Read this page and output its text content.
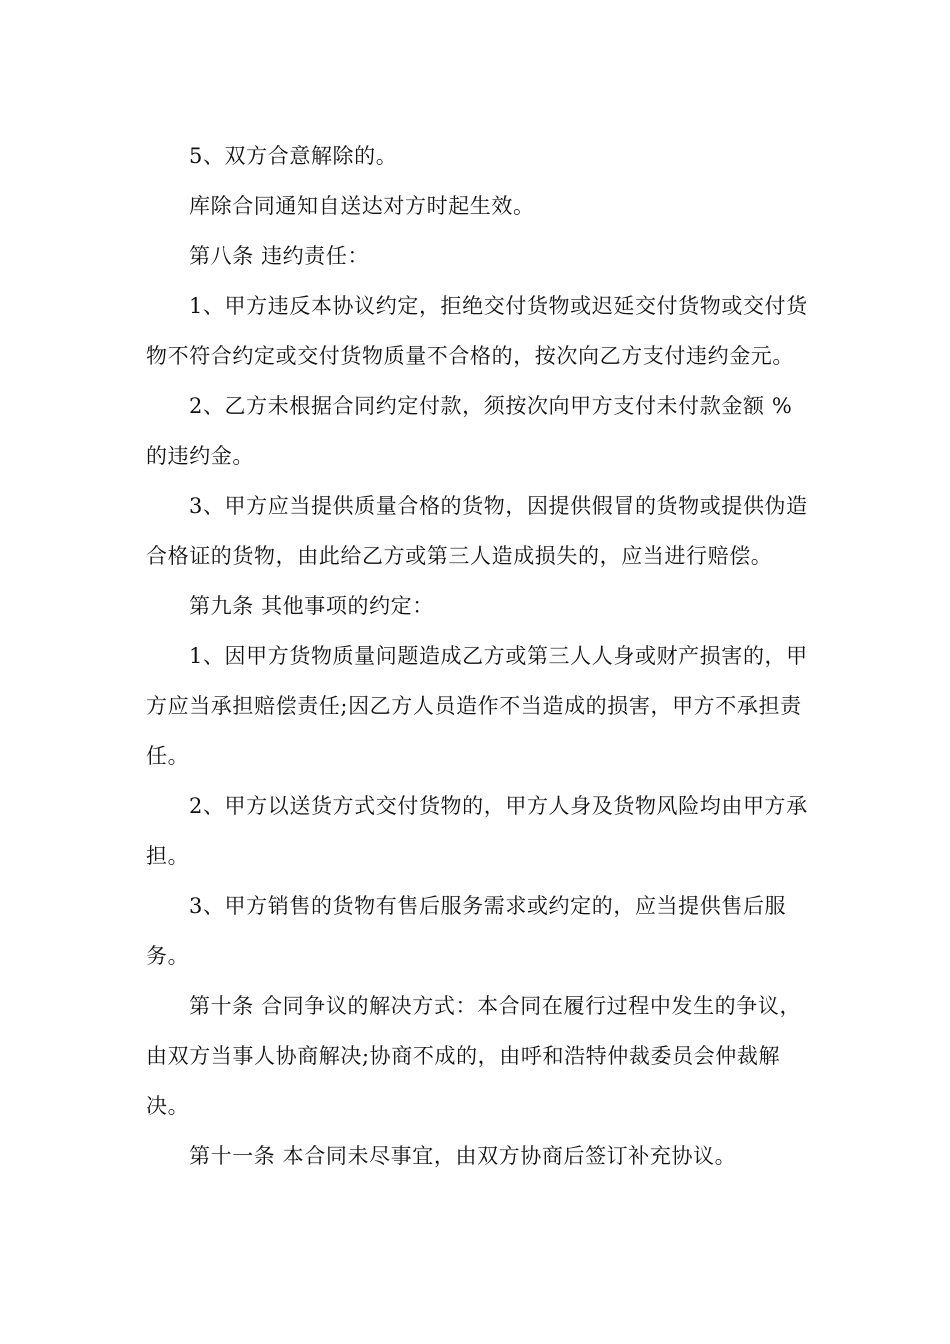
5、双方合意解除的。

库除合同通知自送达对方时起生效。

第八条 违约责任：

1、甲方违反本协议约定，拒绝交付货物或迟延交付货物或交付货物不符合约定或交付货物质量不合格的，按次向乙方支付违约金元。

2、乙方未根据合同约定付款，须按次向甲方支付未付款金额 %的违约金。

3、甲方应当提供质量合格的货物，因提供假冒的货物或提供伪造合格证的货物，由此给乙方或第三人造成损失的，应当进行赔偿。

第九条 其他事项的约定：

1、因甲方货物质量问题造成乙方或第三人人身或财产损害的，甲方应当承担赔偿责任;因乙方人员造作不当造成的损害，甲方不承担责任。

2、甲方以送货方式交付货物的，甲方人身及货物风险均由甲方承担。

3、甲方销售的货物有售后服务需求或约定的，应当提供售后服务。

第十条 合同争议的解决方式：本合同在履行过程中发生的争议，由双方当事人协商解决;协商不成的，由呼和浩特仲裁委员会仲裁解决。

第十一条 本合同未尽事宜，由双方协商后签订补充协议。
